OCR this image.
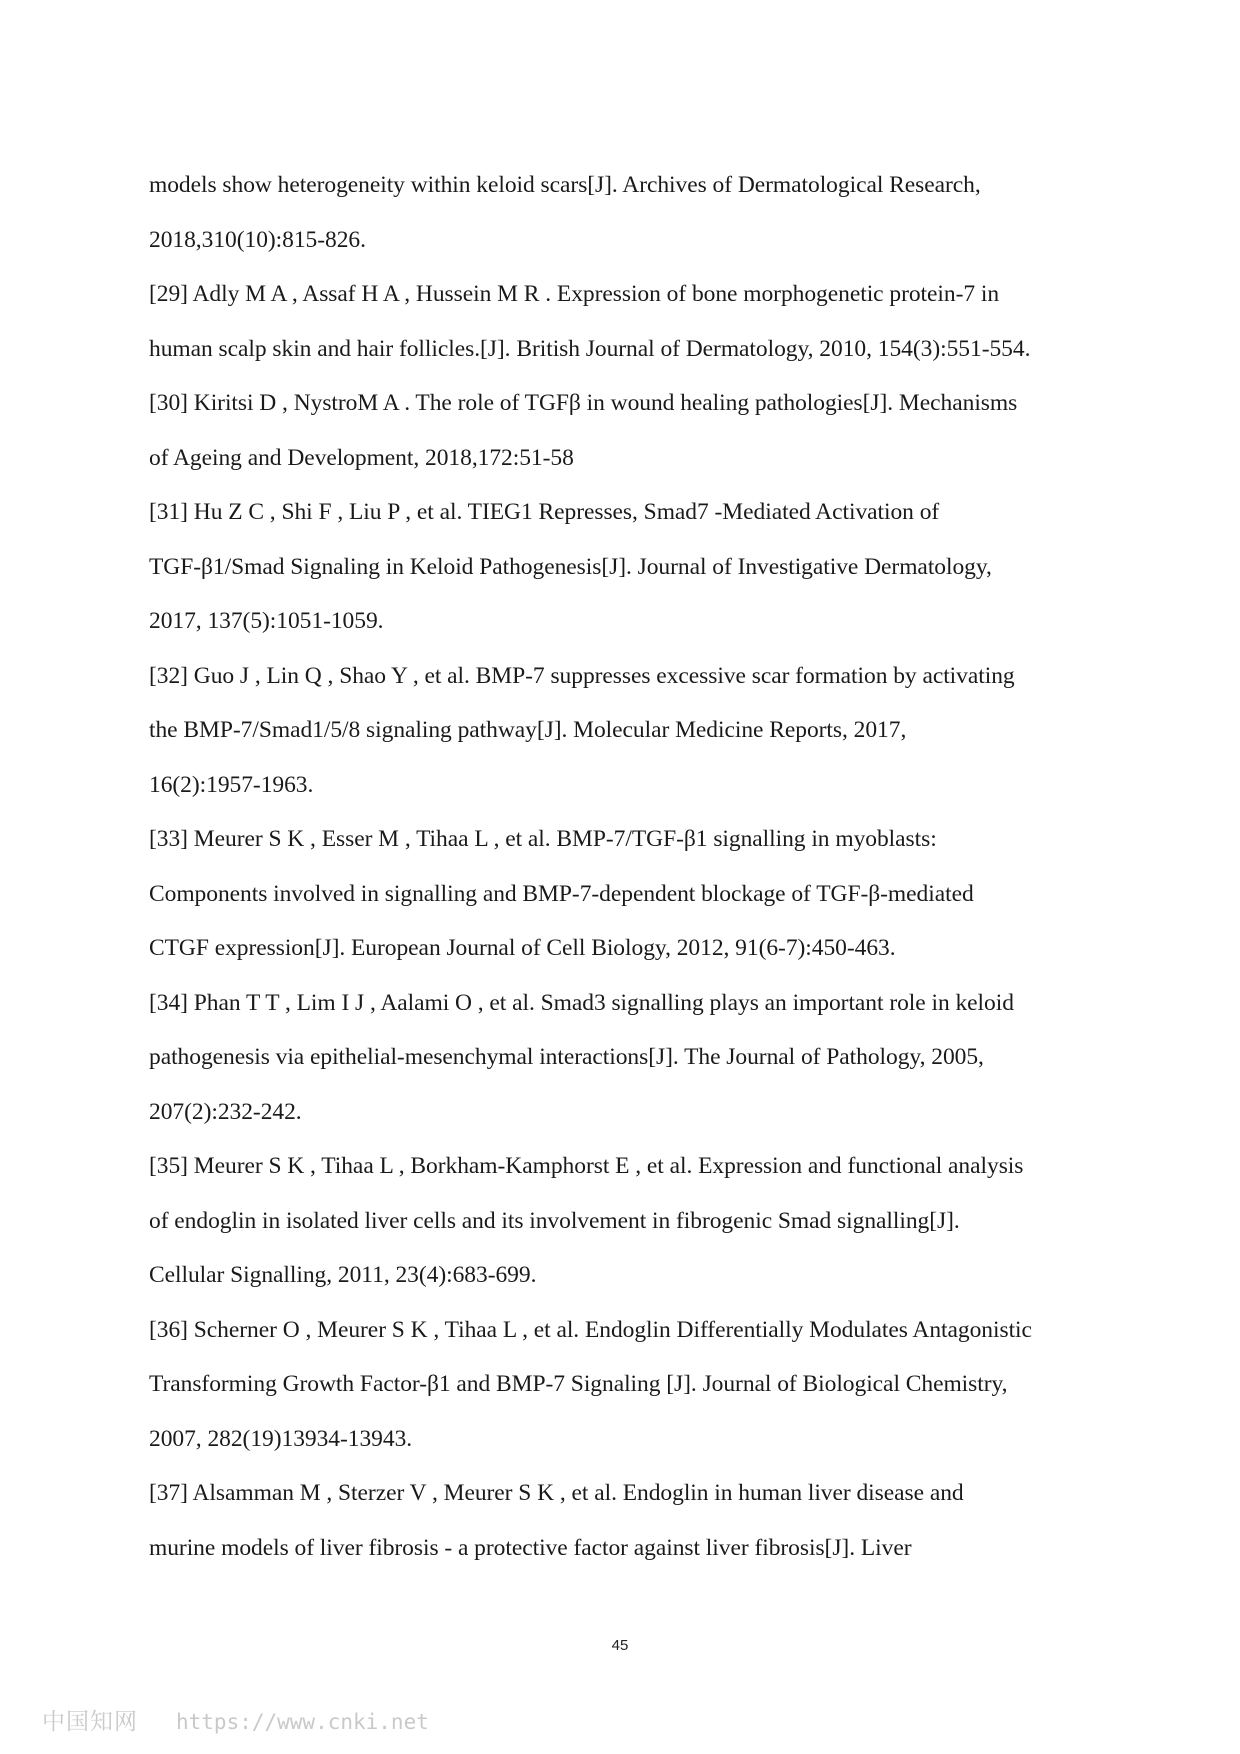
models show heterogeneity within keloid scars[J]. Archives of Dermatological Research,
2018,310(10):815-826.
[29] Adly M A , Assaf H A , Hussein M R . Expression of bone morphogenetic protein-7 in
human scalp skin and hair follicles.[J]. British Journal of Dermatology, 2010, 154(3):551-554.
[30] Kiritsi D , NystroM A . The role of TGFβ in wound healing pathologies[J]. Mechanisms
of Ageing and Development, 2018,172:51-58
[31] Hu Z C , Shi F , Liu P , et al. TIEG1 Represses, Smad7 -Mediated Activation of
TGF-β1/Smad Signaling in Keloid Pathogenesis[J]. Journal of Investigative Dermatology,
2017, 137(5):1051-1059.
[32] Guo J , Lin Q , Shao Y , et al. BMP-7 suppresses excessive scar formation by activating
the BMP-7/Smad1/5/8 signaling pathway[J]. Molecular Medicine Reports, 2017,
16(2):1957-1963.
[33] Meurer S K , Esser M , Tihaa L , et al. BMP-7/TGF-β1 signalling in myoblasts:
Components involved in signalling and BMP-7-dependent blockage of TGF-β-mediated
CTGF expression[J]. European Journal of Cell Biology, 2012, 91(6-7):450-463.
[34] Phan T T , Lim I J , Aalami O , et al. Smad3 signalling plays an important role in keloid
pathogenesis via epithelial-mesenchymal interactions[J]. The Journal of Pathology, 2005,
207(2):232-242.
[35] Meurer S K , Tihaa L , Borkham-Kamphorst E , et al. Expression and functional analysis
of endoglin in isolated liver cells and its involvement in fibrogenic Smad signalling[J].
Cellular Signalling, 2011, 23(4):683-699.
[36] Scherner O , Meurer S K , Tihaa L , et al. Endoglin Differentially Modulates Antagonistic
Transforming Growth Factor-β1 and BMP-7 Signaling [J]. Journal of Biological Chemistry,
2007, 282(19)13934-13943.
[37] Alsamman M , Sterzer V , Meurer S K , et al. Endoglin in human liver disease and
murine models of liver fibrosis - a protective factor against liver fibrosis[J]. Liver
45
中国知网 https://www.cnki.net
